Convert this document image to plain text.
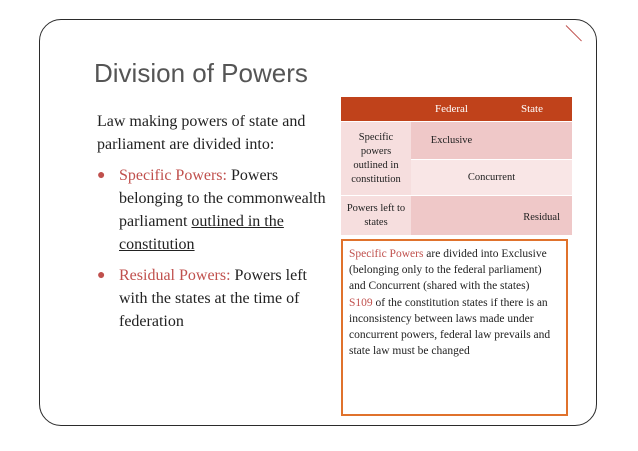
Division of Powers

Law making powers of state and parliament are divided into:

● Specific Powers: Powers belonging to the commonwealth parliament outlined in the constitution

● Residual Powers: Powers left with the states at the time of federation

	Federal	State
Specific powers outlined in constitution	Exclusive	
	Concurrent	
Powers left to states		Residual

Specific Powers are divided into Exclusive (belonging only to the federal parliament) and Concurrent (shared with the states)

S109 of the constitution states if there is an inconsistency between laws made under concurrent powers, federal law prevails and state law must be changed
